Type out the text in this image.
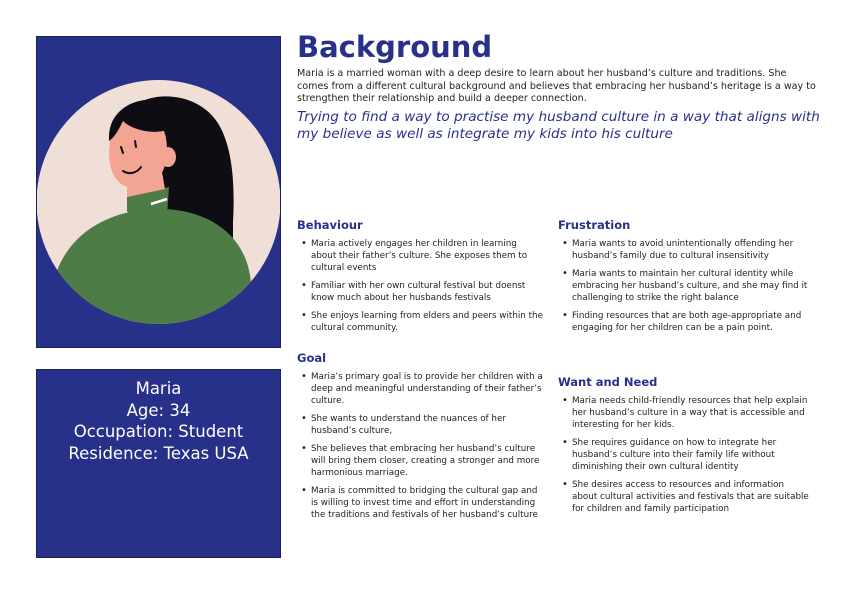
Maria
Age: 34
Occupation: Student
Residence: Texas USA
Background

Maria is a married woman with a deep desire to learn about her husband’s culture and traditions. She comes from a different cultural background and believes that embracing her husband’s heritage is a way to strengthen their relationship and build a deeper connection.

Trying to find a way to practise my husband culture in a way that aligns with my believe as well as integrate my kids into his culture

Behaviour
• Maria actively engages her children in learning about their father’s culture. She exposes them to cultural events
• Familiar with her own cultural festival but doenst know much about her husbands festivals
• She enjoys learning from elders and peers within the cultural community.
Goal
• Maria’s primary goal is to provide her children with a deep and meaningful understanding of their father’s culture.
• She wants to understand the nuances of her husband’s culture,
• She believes that embracing her husband’s culture will bring them closer, creating a stronger and more harmonious marriage.
• Maria is committed to bridging the cultural gap and is willing to invest time and effort in understanding the traditions and festivals of her husband’s culture
Frustration
• Maria wants to avoid unintentionally offending her husband’s family due to cultural insensitivity
• Maria wants to maintain her cultural identity while embracing her husband’s culture, and she may find it challenging to strike the right balance
• Finding resources that are both age-appropriate and engaging for her children can be a pain point.
Want and Need
• Maria needs child-friendly resources that help explain her husband’s culture in a way that is accessible and interesting for her kids.
• She requires guidance on how to integrate her husband’s culture into their family life without diminishing their own cultural identity
• She desires access to resources and information about cultural activities and festivals that are suitable for children and family participation
